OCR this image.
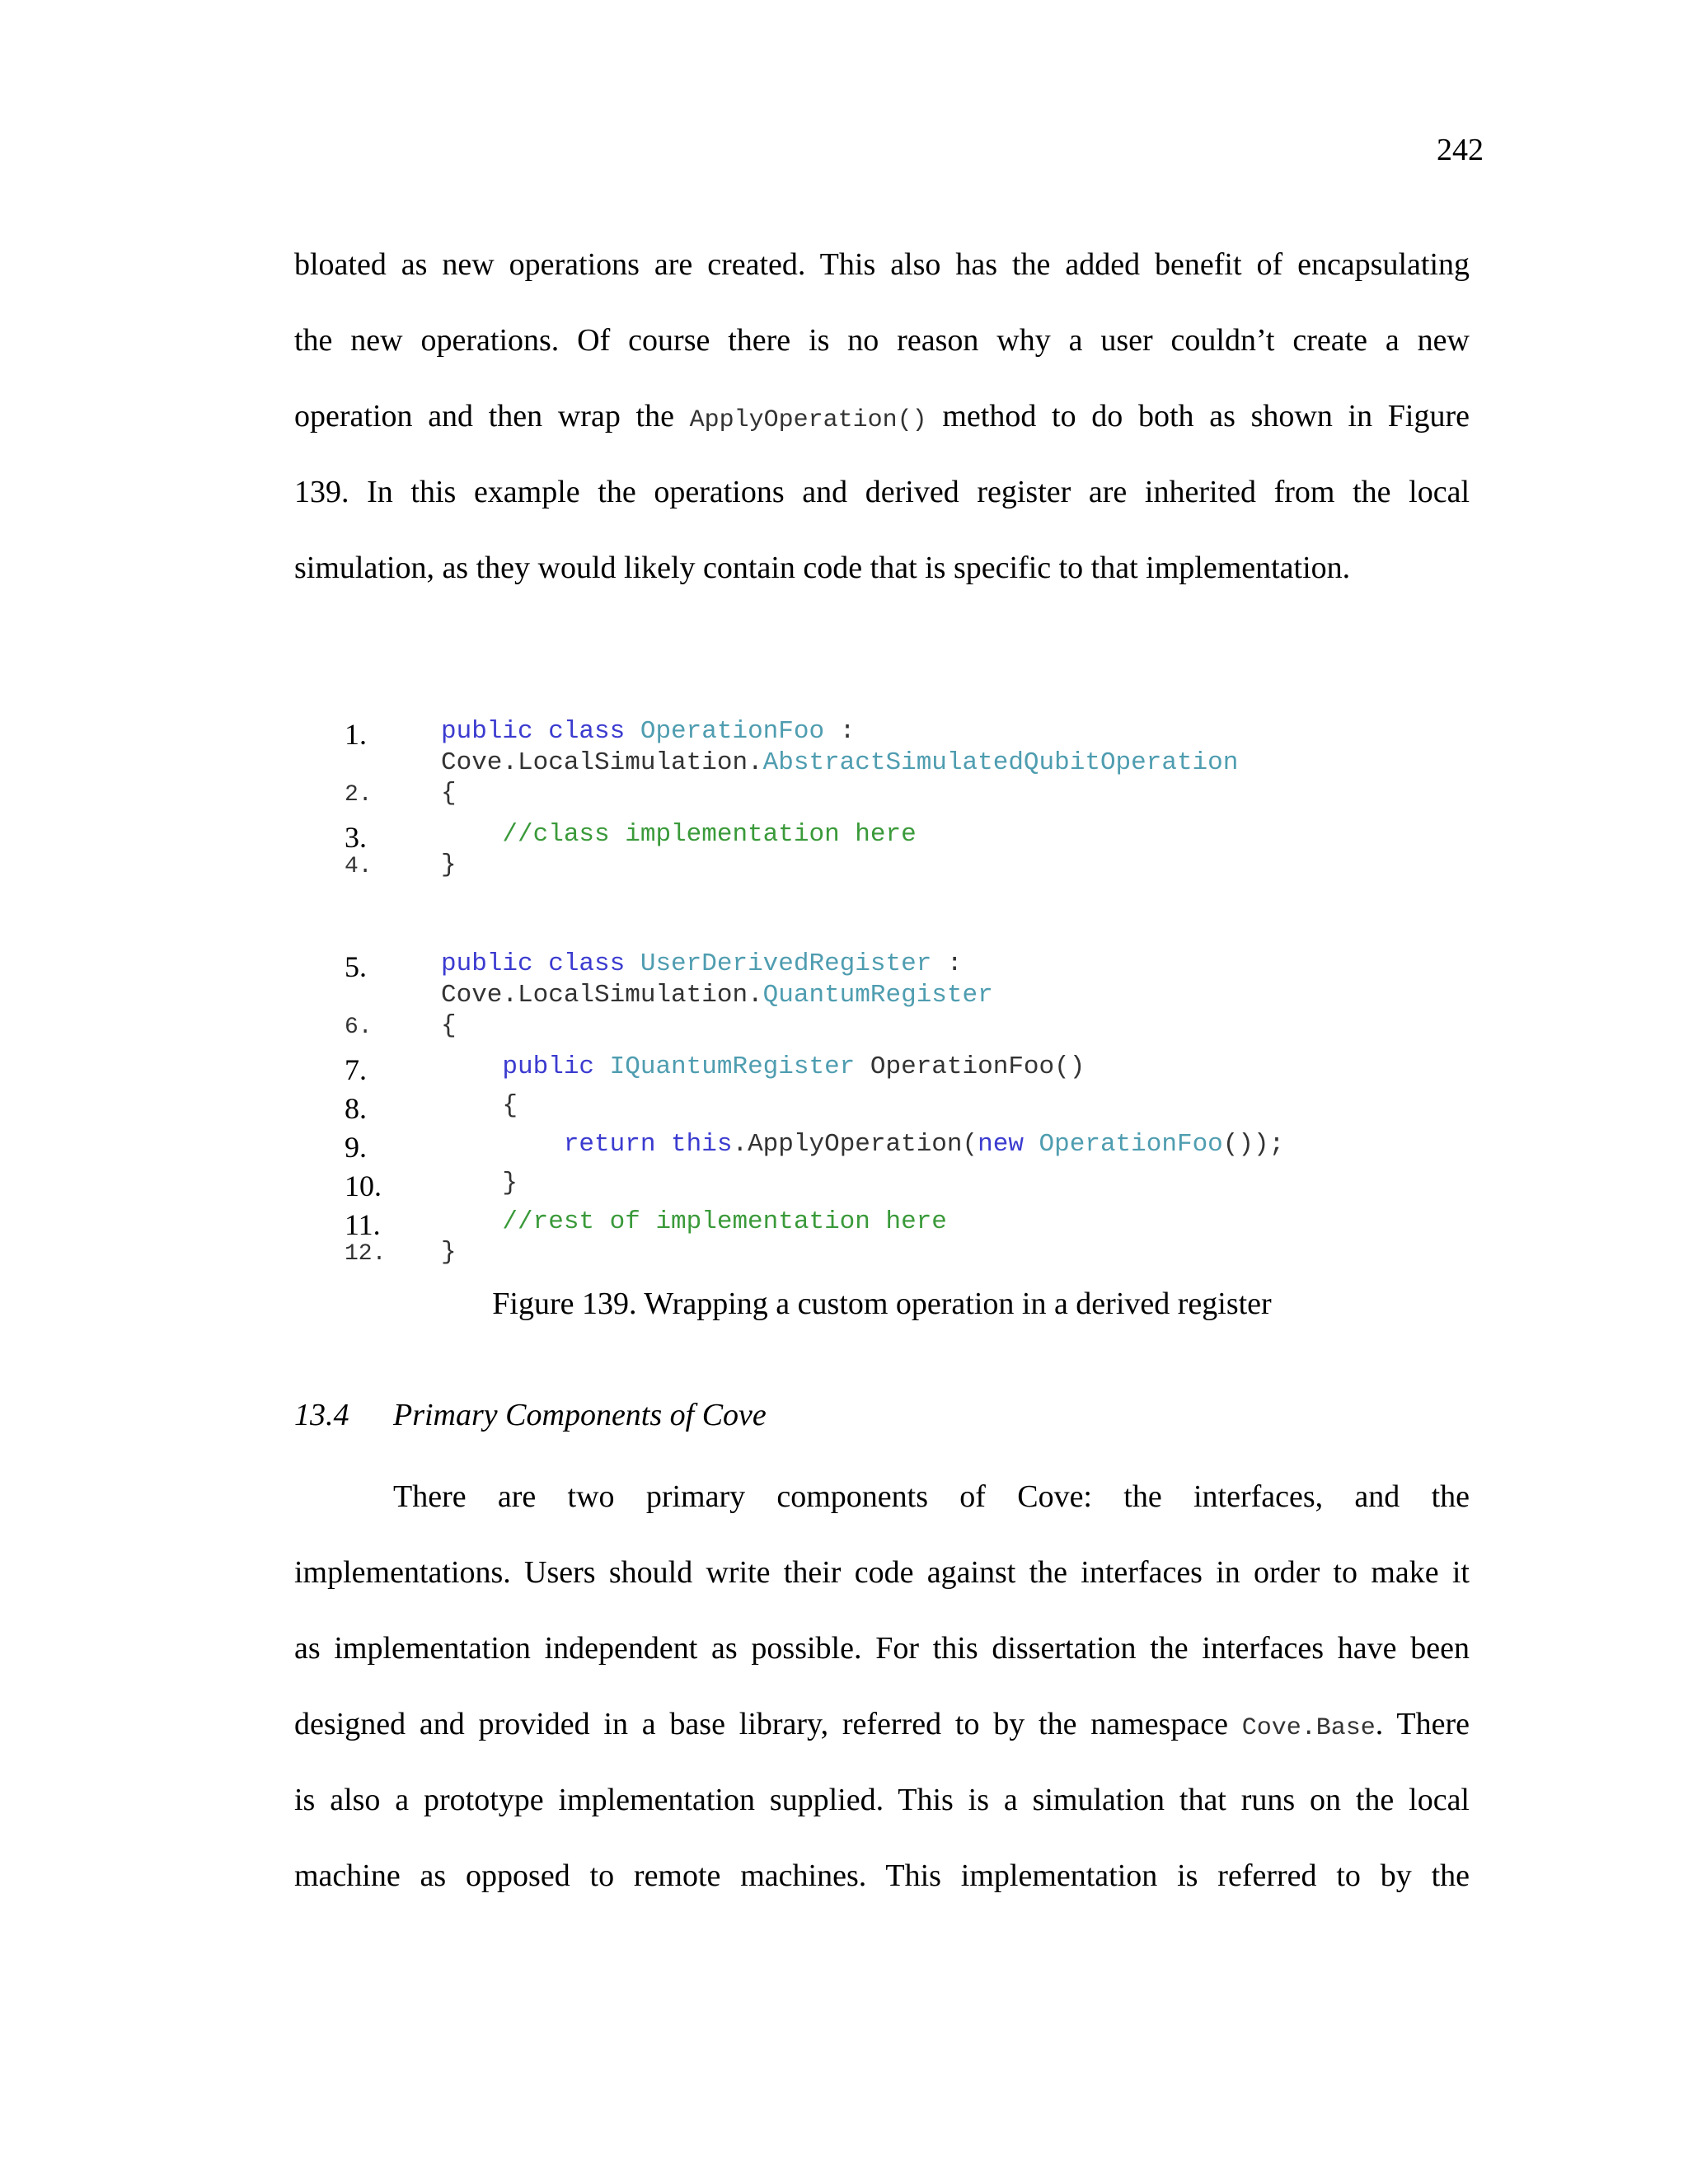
242
bloated as new operations are created. This also has the added benefit of encapsulating
the new operations. Of course there is no reason why a user couldn’t create a new
operation and then wrap the ApplyOperation() method to do both as shown in Figure
139. In this example the operations and derived register are inherited from the local
simulation, as they would likely contain code that is specific to that implementation.
1.	public class OperationFoo :
Cove.LocalSimulation.AbstractSimulatedQubitOperation
2.	{
3.	//class implementation here
4.	}
5.	public class UserDerivedRegister :
Cove.LocalSimulation.QuantumRegister
6.	{
7.	public IQuantumRegister OperationFoo()
8.	{
9.	return this.ApplyOperation(new OperationFoo());
10. }
11. //rest of implementation here
12. }
Figure 139. Wrapping a custom operation in a derived register
13.4 Primary Components of Cove
There are two primary components of Cove: the interfaces, and the
implementations. Users should write their code against the interfaces in order to make it
as implementation independent as possible. For this dissertation the interfaces have been
designed and provided in a base library, referred to by the namespace Cove.Base. There
is also a prototype implementation supplied. This is a simulation that runs on the local
machine as opposed to remote machines. This implementation is referred to by the
